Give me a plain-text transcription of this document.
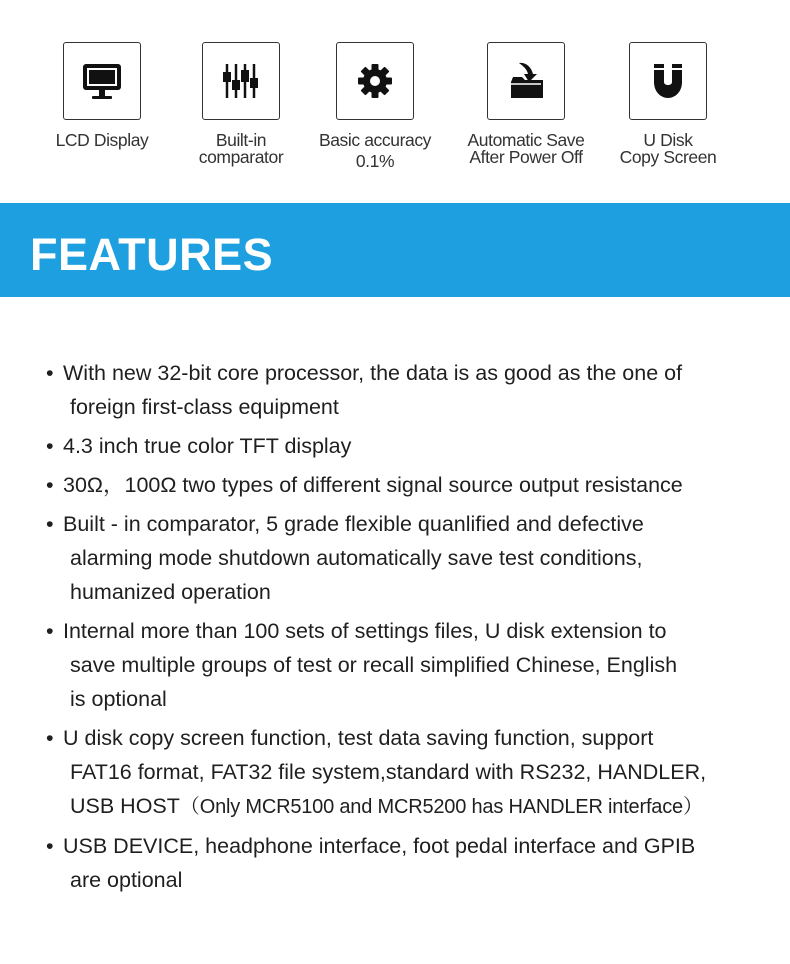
LCD Display	Built-in
comparator
Basic accuracy
0.1%
Automatic Save
After Power Off
U Disk
Copy Screen
FEATURES
• With new 32-bit core processor, the data is as good as the one of
foreign first-class equipment
• 4.3 inch true color TFT display
• 30Ω，100Ω two types of different signal source output resistance
• Built - in comparator, 5 grade flexible quanlified and defective
alarming mode shutdown automatically save test conditions,
humanized operation
• Internal more than 100 sets of settings files, U disk extension to
save multiple groups of test or recall simplified Chinese, English
is optional
• U disk copy screen function, test data saving function, support
FAT16 format, FAT32 file system,standard with RS232, HANDLER,
USB HOST（Only MCR5100 and MCR5200 has HANDLER interface）
• USB DEVICE, headphone interface, foot pedal interface and GPIB
are optional
